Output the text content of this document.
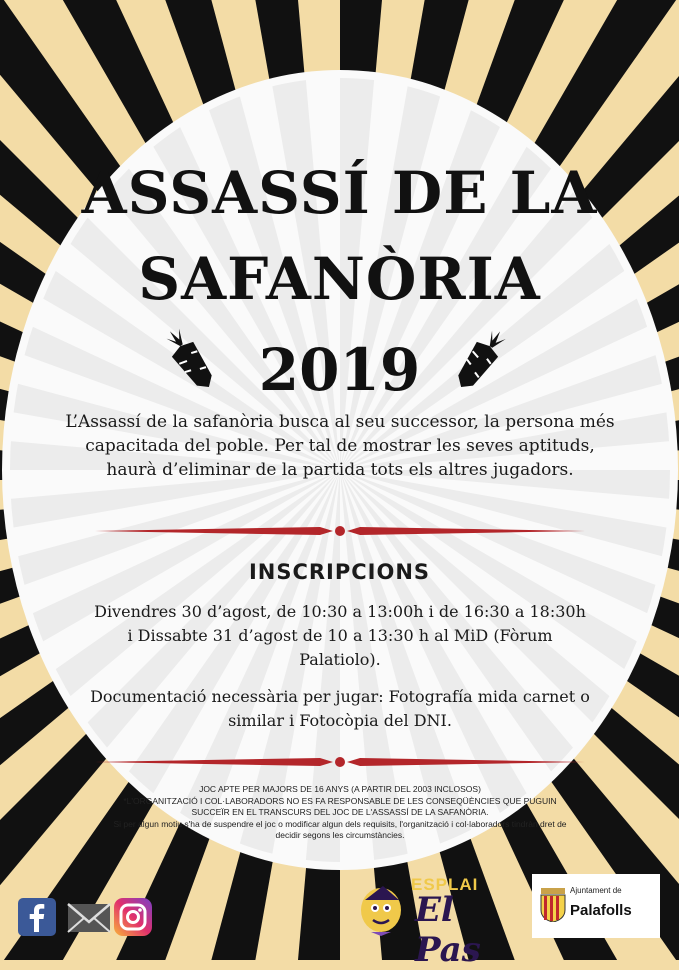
ASSASSÍ DE LA
SAFANÒRIA
2019
L’Assassí de la safanòria busca al seu successor, la persona més capacitada del poble. Per tal de mostrar les seves aptituds, haurà d’eliminar de la partida tots els altres jugadors.
INSCRIPCIONS
Divendres 30 d’agost, de 10:30 a 13:00h i de 16:30 a 18:30h i Dissabte 31 d’agost de 10 a 13:30 h al MiD (Fòrum Palatiolo).
Documentació necessària per jugar: Fotografía mida carnet o similar i Fotocòpia del DNI.
JOC APTE PER MAJORS DE 16 ANYS (A PARTIR DEL 2003 INCLOSOS)
*L'ORGANITZACIÓ I COL·LABORADORS NO ES FA RESPONSABLE DE LES CONSEQÜÈNCIES QUE PUGUIN SUCCEÏR EN EL TRANSCURS DEL JOC DE L'ASSASSÍ DE LA SAFANÒRIA.
Si per algun motiu s'ha de suspendre el joc o modificar algun dels requisits, l'organització i col·laboradors tindràn dret de decidir segons les circumstàncies.
ESPLAI
El Pas
Ajuntament de
Palafolls
